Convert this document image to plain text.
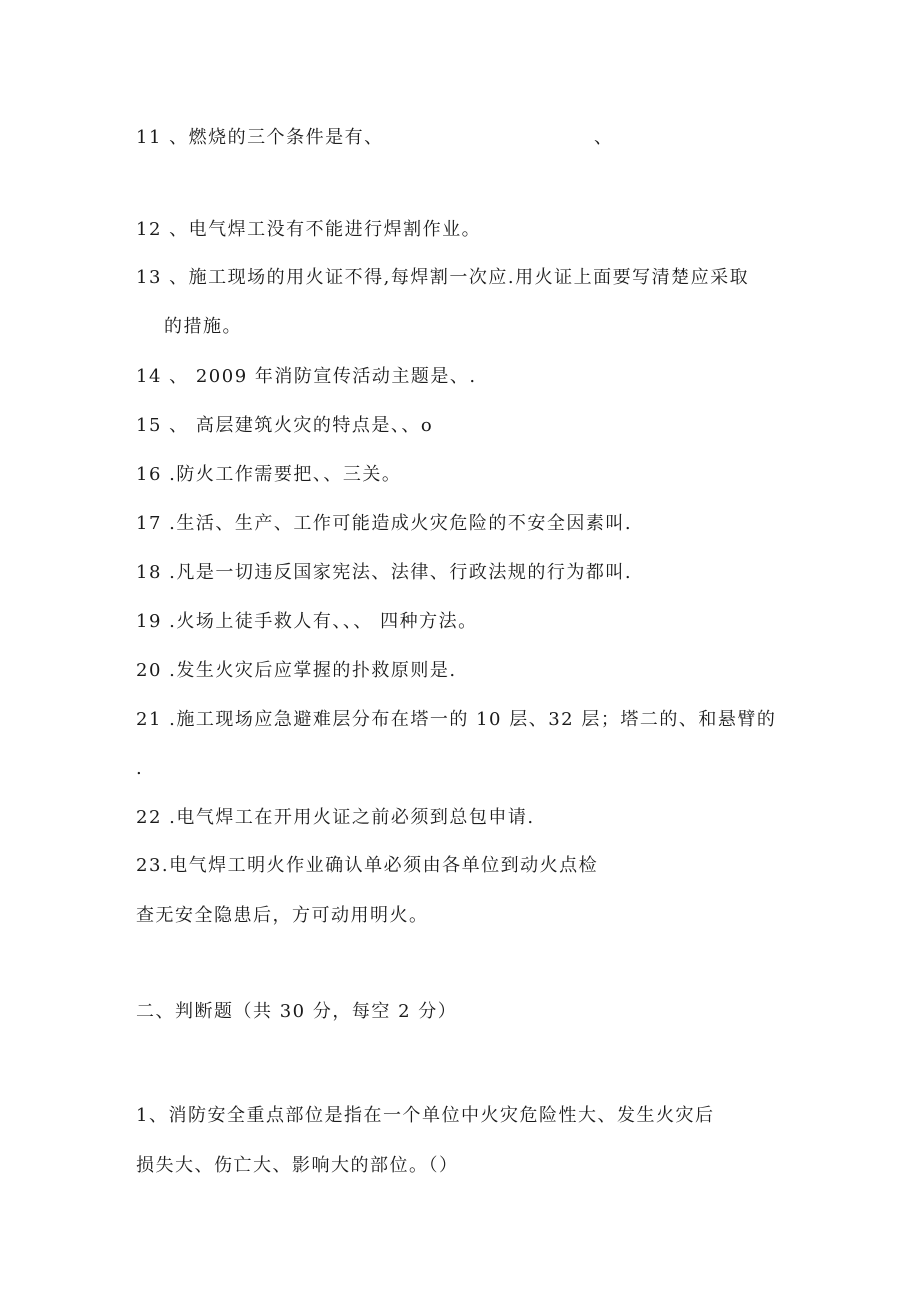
11 、燃烧的三个条件是有、	、
12 、电气焊工没有不能进行焊割作业。
13 、施工现场的用火证不得,每焊割一次应.用火证上面要写清楚应采取
的措施。
14 、 2009 年消防宣传活动主题是、.
15 、 高层建筑火灾的特点是、、o
16 .防火工作需要把、、三关。
17 .生活、生产、工作可能造成火灾危险的不安全因素叫.
18 .凡是一切违反国家宪法、法律、行政法规的行为都叫.
19 .火场上徒手救人有、、、 四种方法。
20 .发生火灾后应掌握的扑救原则是.
21 .施工现场应急避难层分布在塔一的 10 层、32 层；塔二的、和悬臂的
.
22 .电气焊工在开用火证之前必须到总包申请.
23.电气焊工明火作业确认单必须由各单位到动火点检
查无安全隐患后，方可动用明火。
二、判断题（共 30 分，每空 2 分）
1、消防安全重点部位是指在一个单位中火灾危险性大、发生火灾后
损失大、伤亡大、影响大的部位。（）
